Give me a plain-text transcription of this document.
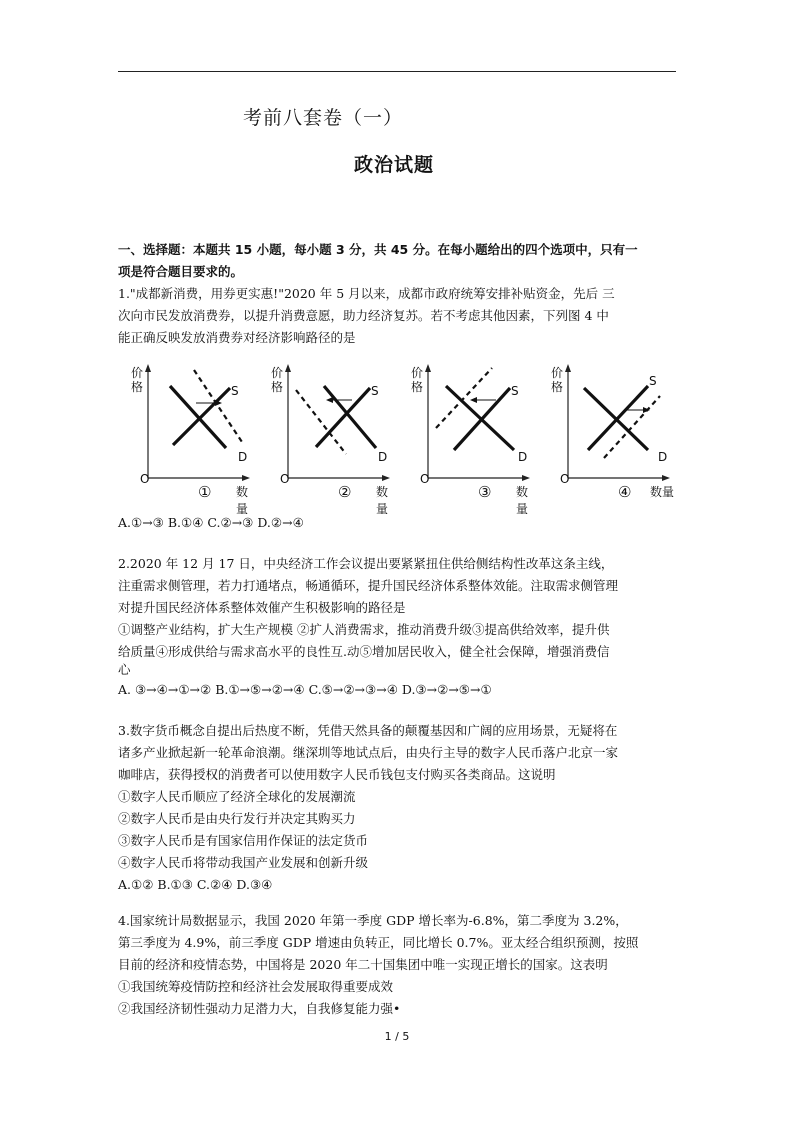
考前八套卷（一）
政治试题
一、选择题：本题共 15 小题，每小题 3 分，共 45 分。在每小题给出的四个选项中，只有一
项是符合题目要求的。
1."成都新消费，用券更实惠!"2020 年 5 月以来，成都市政府统筹安排补贴资金，先后 三
次向市民发放消费券，以提升消费意愿，助力经济复苏。若不考虑其他因素，下列图 4 中
能正确反映发放消费券对经济影响路径的是
价
格	S
D
O
① 数量
价
格	S
D
O
② 数量
价
格	S
D
O
③ 数量
价
格	S
D
O
④ 数量
A.①→③ B.①④ C.②→③ D.②→④
2.2020 年 12 月 17 日，中央经济工作会议提出要紧紧扭住供给侧结构性改革这条主线，
注重需求侧管理，若力打通堵点，畅通循环，提升国民经济体系整体效能。注取需求侧管理
对提升国民经济体系整体效催产生积极影响的路径是
①调整产业结构，扩大生产规模 ②扩人消费需求，推动消费升级③提高供给效率，提升供
给质量④形成供给与需求高水平的良性互.动⑤增加居民收入，健全社会保障，增强消费信
心
A. ③→④→①→② B.①→⑤→②→④ C.⑤→②→③→④ D.③→②→⑤→①
3.数字货币概念自提出后热度不断，凭借天然具备的颠覆基因和广阔的应用场景，无疑将在
诸多产业掀起新一轮革命浪潮。继深圳等地试点后，由央行主导的数字人民币落户北京一家
咖啡店，获得授权的消费者可以使用数字人民币钱包支付购买各类商品。这说明
①数字人民币顺应了经济全球化的发展潮流
②数字人民币是由央行发行并决定其购买力
③数字人民币是有国家信用作保证的法定货币
④数字人民币将带动我国产业发展和创新升级
A.①② B.①③ C.②④ D.③④
4.国家统计局数据显示，我国 2020 年第一季度 GDP 增长率为-6.8%，第二季度为 3.2%，
第三季度为 4.9%，前三季度 GDP 增速由负转正，同比增长 0.7%。亚太经合组织预测，按照
目前的经济和疫情态势，中国将是 2020 年二十国集团中唯一实现正增长的国家。这表明
①我国统筹疫情防控和经济社会发展取得重要成效
②我国经济韧性强动力足潜力大，自我修复能力强•
1 / 5
